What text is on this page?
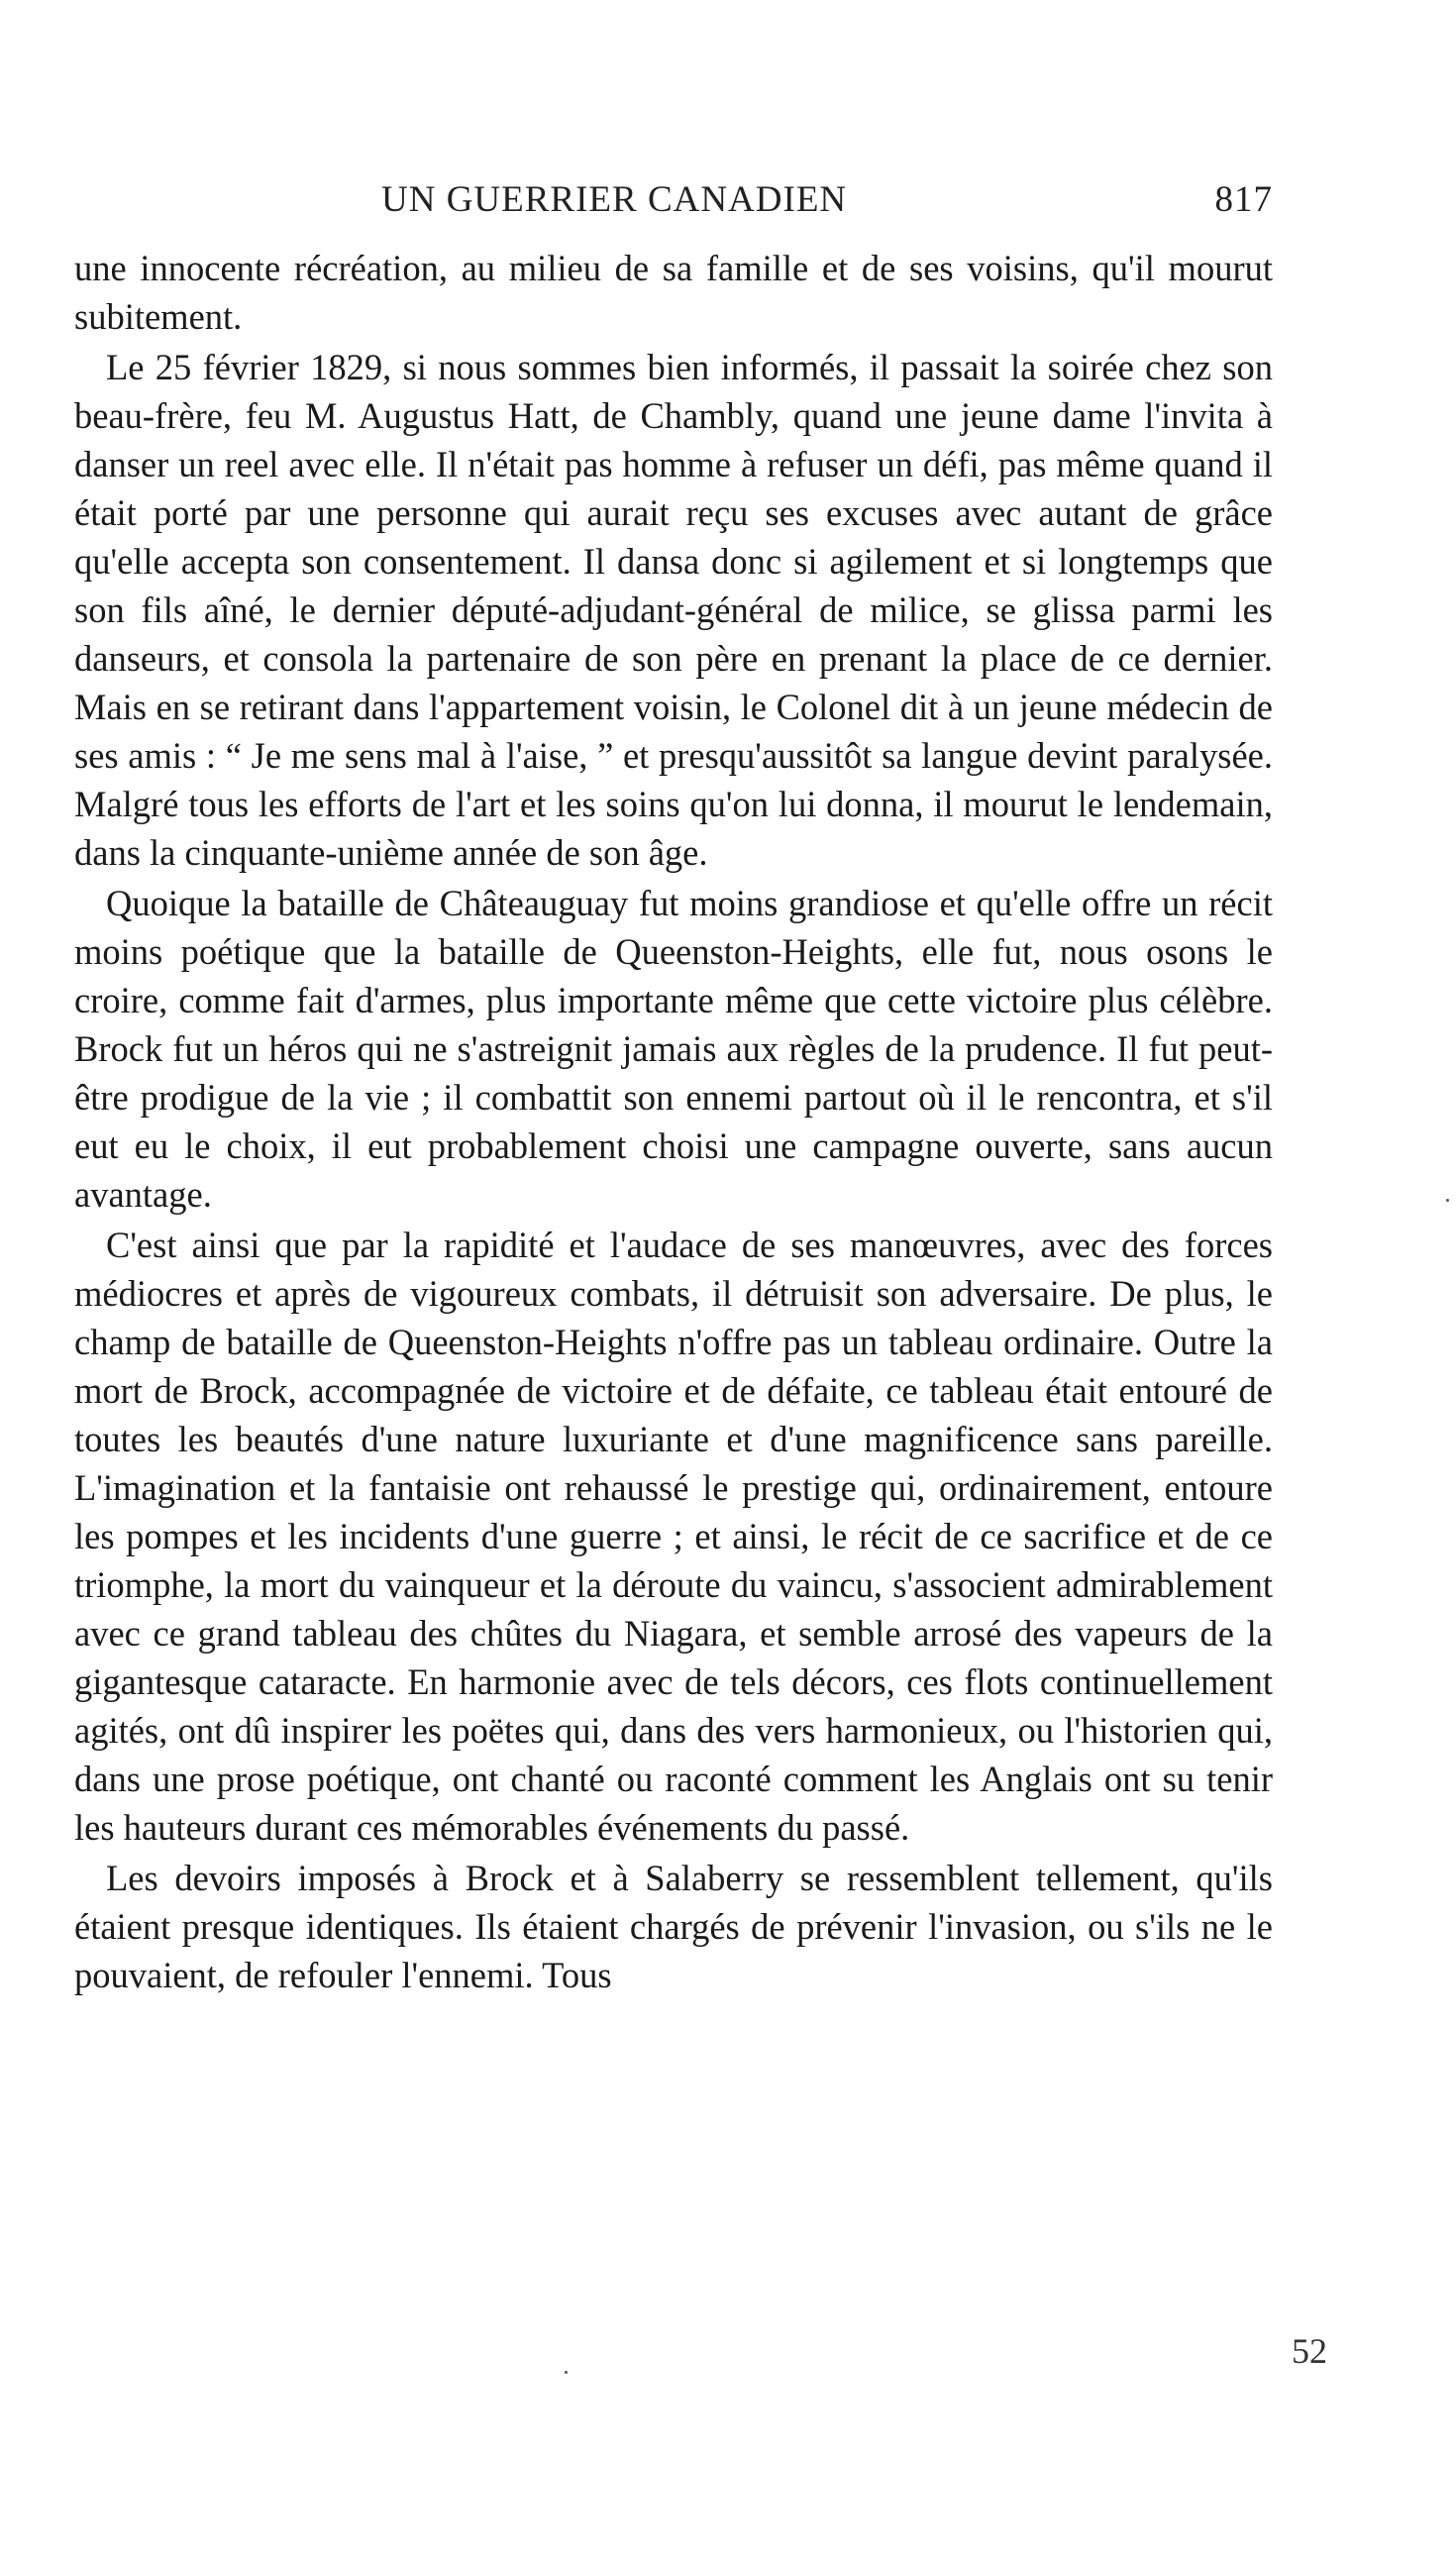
UN GUERRIER CANADIEN	817

une innocente récréation, au milieu de sa famille et de ses voisins, qu'il mourut subitement.

Le 25 février 1829, si nous sommes bien informés, il passait la soirée chez son beau-frère, feu M. Augustus Hatt, de Chambly, quand une jeune dame l'invita à danser un reel avec elle. Il n'était pas homme à refuser un défi, pas même quand il était porté par une personne qui aurait reçu ses excuses avec autant de grâce qu'elle accepta son consentement. Il dansa donc si agilement et si longtemps que son fils aîné, le dernier député-adjudant-général de milice, se glissa parmi les danseurs, et consola la partenaire de son père en prenant la place de ce dernier. Mais en se retirant dans l'appartement voisin, le Colonel dit à un jeune médecin de ses amis : “ Je me sens mal à l'aise, ” et presqu'aussitôt sa langue devint paralysée. Malgré tous les efforts de l'art et les soins qu'on lui donna, il mourut le lendemain, dans la cinquante-unième année de son âge.

Quoique la bataille de Châteauguay fut moins grandiose et qu'elle offre un récit moins poétique que la bataille de Queenston-Heights, elle fut, nous osons le croire, comme fait d'armes, plus importante même que cette victoire plus célèbre. Brock fut un héros qui ne s'astreignit jamais aux règles de la prudence. Il fut peut-être prodigue de la vie ; il combattit son ennemi partout où il le rencontra, et s'il eut eu le choix, il eut probablement choisi une campagne ouverte, sans aucun avantage.

C'est ainsi que par la rapidité et l'audace de ses manœuvres, avec des forces médiocres et après de vigoureux combats, il détruisit son adversaire. De plus, le champ de bataille de Queenston-Heights n'offre pas un tableau ordinaire. Outre la mort de Brock, accompagnée de victoire et de défaite, ce tableau était entouré de toutes les beautés d'une nature luxuriante et d'une magnificence sans pareille. L'imagination et la fantaisie ont rehaussé le prestige qui, ordinairement, entoure les pompes et les incidents d'une guerre ; et ainsi, le récit de ce sacrifice et de ce triomphe, la mort du vainqueur et la déroute du vaincu, s'associent admirablement avec ce grand tableau des chûtes du Niagara, et semble arrosé des vapeurs de la gigantesque cataracte. En harmonie avec de tels décors, ces flots continuellement agités, ont dû inspirer les poëtes qui, dans des vers harmonieux, ou l'historien qui, dans une prose poétique, ont chanté ou raconté comment les Anglais ont su tenir les hauteurs durant ces mémorables événements du passé.

Les devoirs imposés à Brock et à Salaberry se ressemblent tellement, qu'ils étaient presque identiques. Ils étaient chargés de prévenir l'invasion, ou s'ils ne le pouvaient, de refouler l'ennemi. Tous

52
